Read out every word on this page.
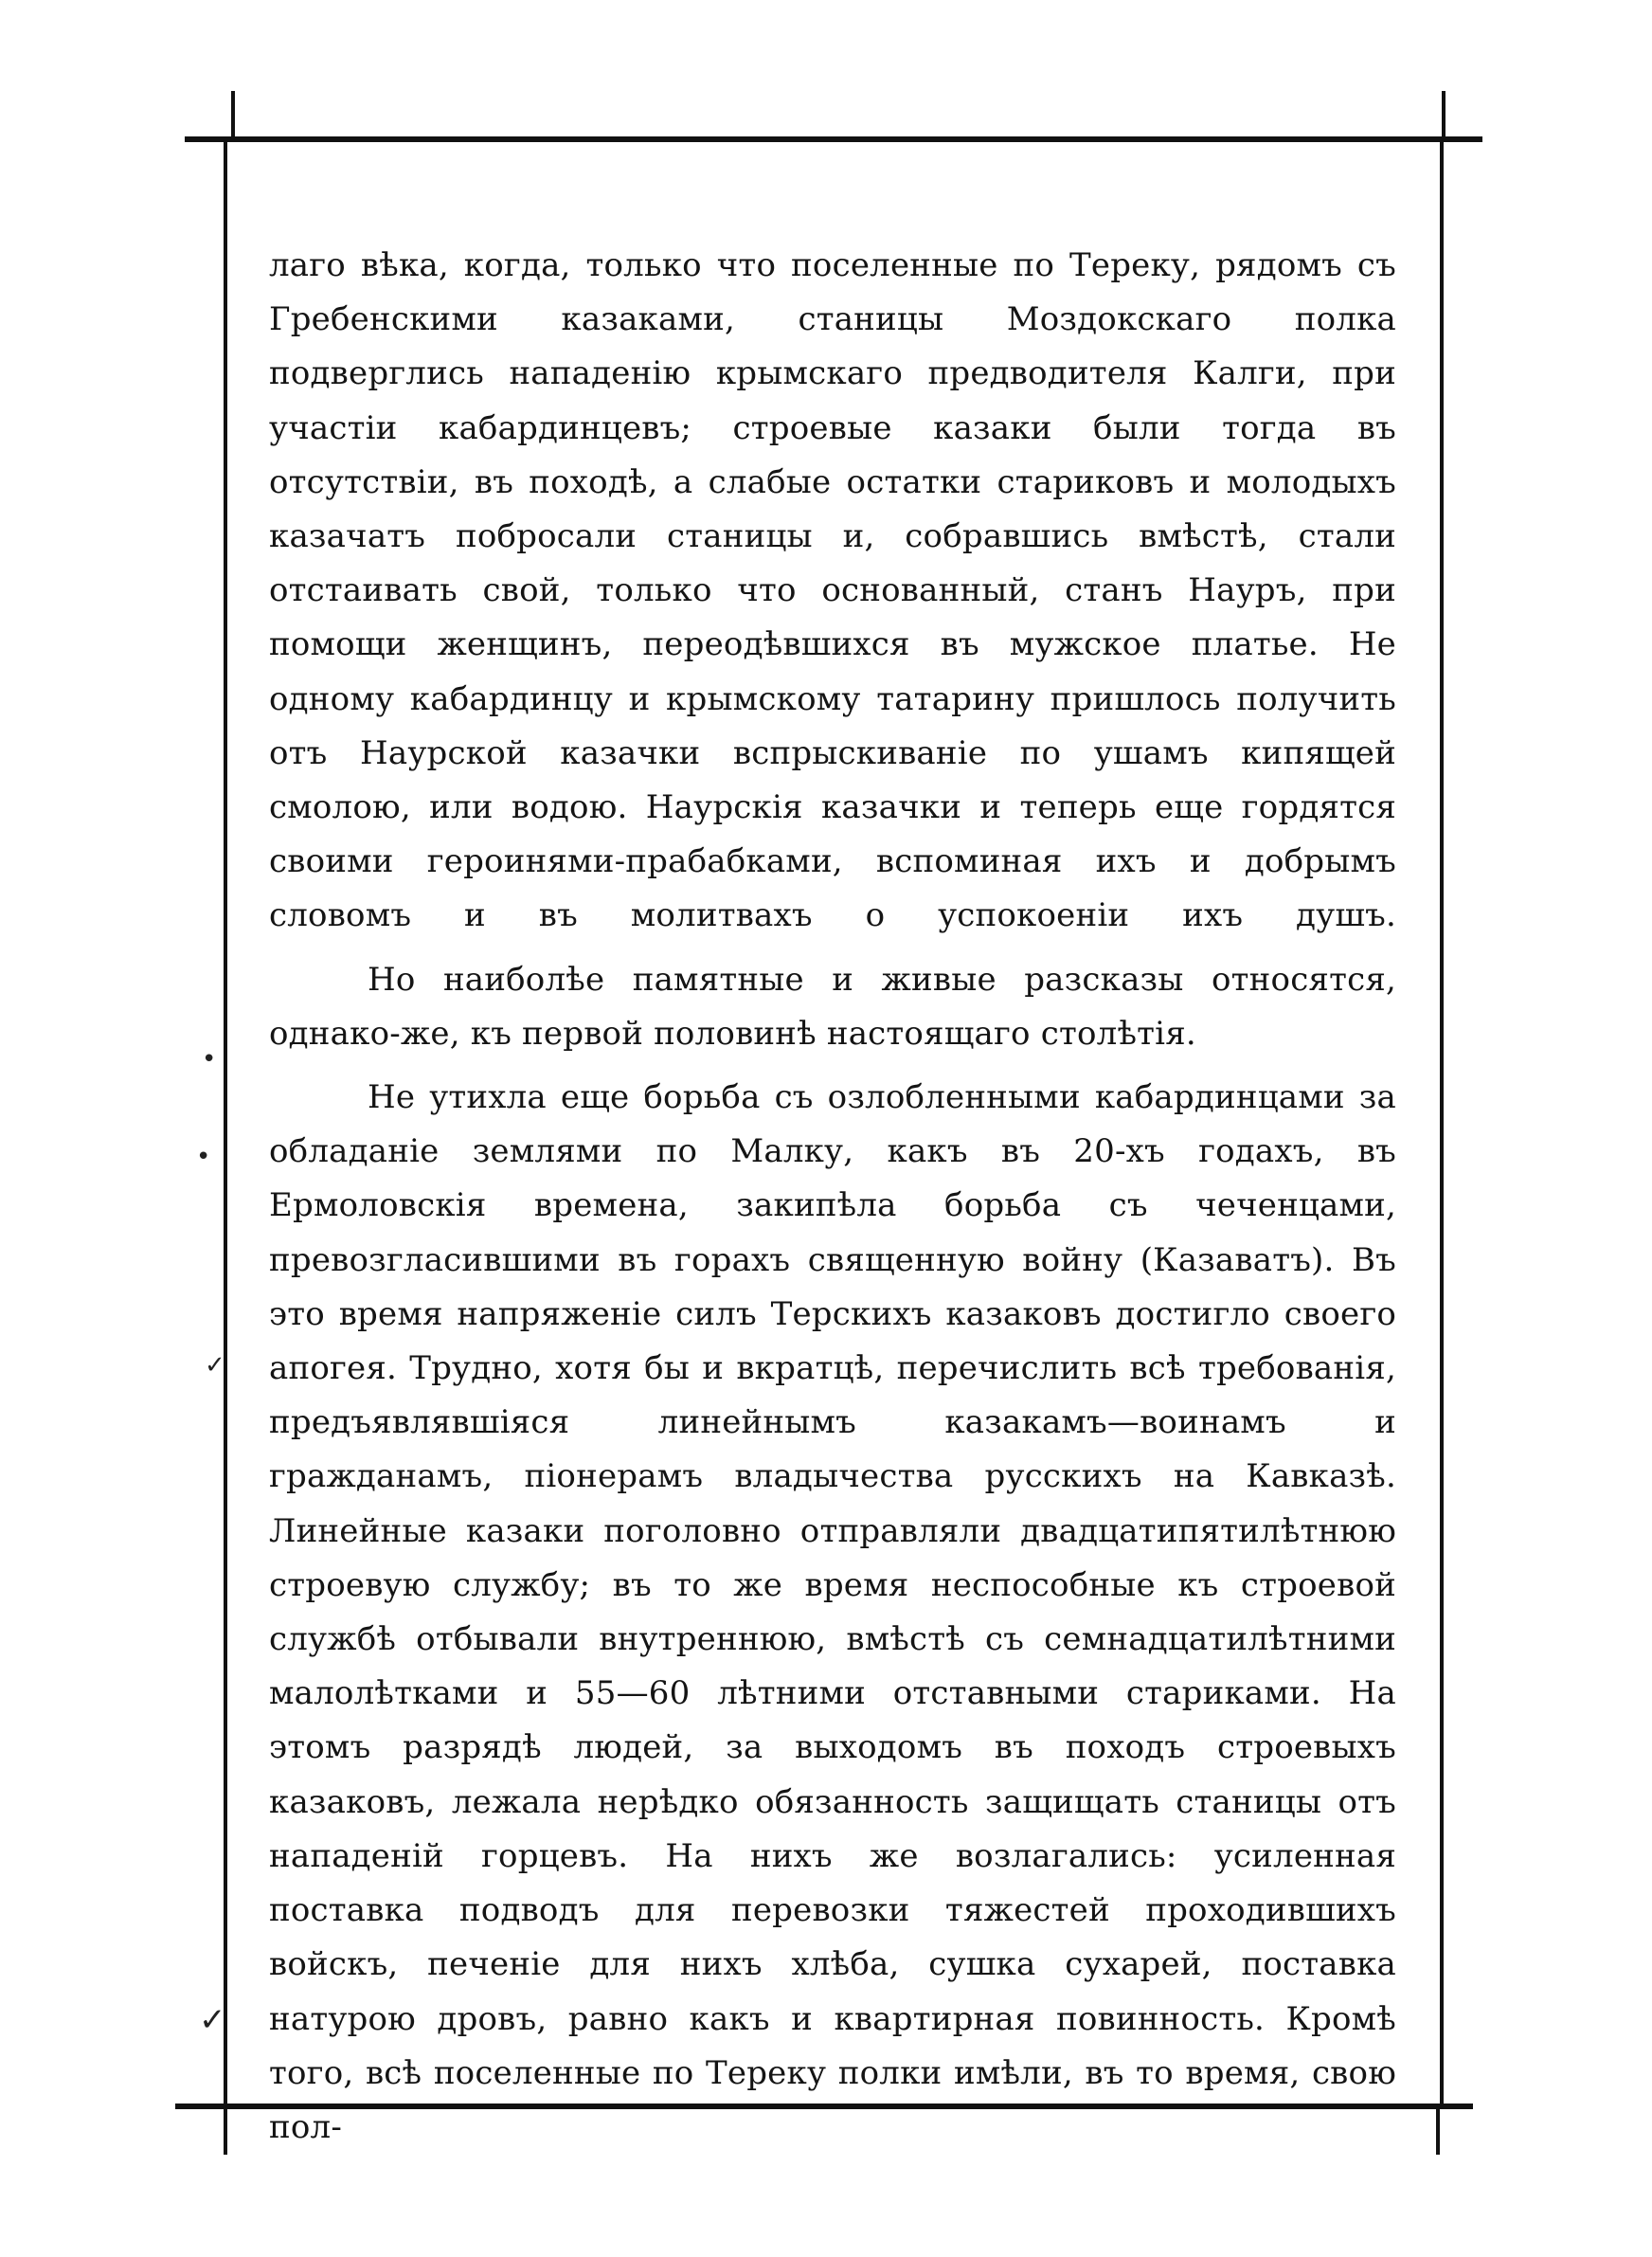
•
•
✓
✓

лаго вѣка, когда, только что поселенные по Тереку, рядомъ съ Гребенскими казаками, станицы Моздокскаго полка подверглись нападенію крымскаго предводителя Калги, при участіи кабардинцевъ; строевые казаки были тогда въ отсутствіи, въ походѣ, а слабые остатки стариковъ и молодыхъ казачатъ побросали станицы и, собравшись вмѣстѣ, стали отстаивать свой, только что основанный, станъ Науръ, при помощи женщинъ, переодѣвшихся въ мужское платье. Не одному кабардинцу и крымскому татарину пришлось получить отъ Наурской казачки вспрыскиваніе по ушамъ кипящей смолою, или водою. Наурскія казачки и теперь еще гордятся своими героинями-прабабками, вспоминая ихъ и добрымъ словомъ и въ молитвахъ о успокоеніи ихъ душъ.

Но наиболѣе памятные и живые разсказы относятся, однако-же, къ первой половинѣ настоящаго столѣтія.

Не утихла еще борьба съ озлобленными кабардинцами за обладаніе землями по Малку, какъ въ 20-хъ годахъ, въ Ермоловскія времена, закипѣла борьба съ чеченцами, превозгласившими въ горахъ священную войну (Казаватъ). Въ это время напряженіе силъ Терскихъ казаковъ достигло своего апогея. Трудно, хотя бы и вкратцѣ, перечислить всѣ требованія, предъявлявшіяся линейнымъ казакамъ—воинамъ и гражданамъ, піонерамъ владычества русскихъ на Кавказѣ. Линейные казаки поголовно отправляли двадцатипятилѣтнюю строевую службу; въ то же время неспособные къ строевой службѣ отбывали внутреннюю, вмѣстѣ съ семнадцатилѣтними малолѣтками и 55—60 лѣтними отставными стариками. На этомъ разрядѣ людей, за выходомъ въ походъ строевыхъ казаковъ, лежала нерѣдко обязанность защищать станицы отъ нападеній горцевъ. На нихъ же возлагались: усиленная поставка подводъ для перевозки тяжестей проходившихъ войскъ, печеніе для нихъ хлѣба, сушка сухарей, поставка натурою дровъ, равно какъ и квартирная повинность. Кромѣ того, всѣ поселенные по Тереку полки имѣли, въ то время, свою пол-
